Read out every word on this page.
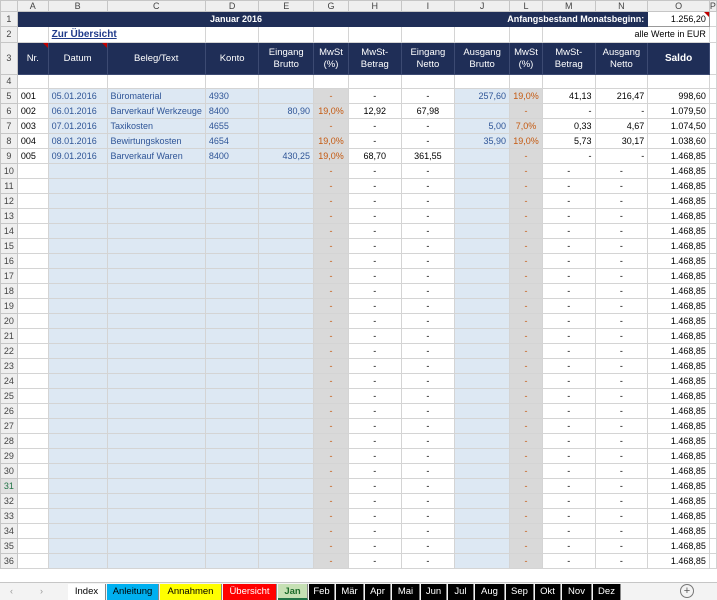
	A	B	C	D	E	G	H	I	J	L	M	N	O	P
1	Januar 2016								Anfangsbestand Monatsbeginn:				1.256,20	
2		Zur Übersicht									alle Werte in EUR			
3	Nr.	Datum	Beleg/Text	Konto	Eingang Brutto	MwSt (%)	MwSt-Betrag	Eingang Netto	Ausgang Brutto	MwSt (%)	MwSt-Betrag	Ausgang Netto	Saldo	
4														
5	001	05.01.2016	Büromaterial	4930		-	-	-	257,60	19,0%	41,13	216,47	998,60	
6	002	06.01.2016	Barverkauf Werkzeuge	8400	80,90	19,0%	12,92	67,98		-	-	-	1.079,50	
7	003	07.01.2016	Taxikosten	4655		-	-	-	5,00	7,0%	0,33	4,67	1.074,50	
8	004	08.01.2016	Bewirtungskosten	4654		19,0%	-	-	35,90	19,0%	5,73	30,17	1.038,60	
9	005	09.01.2016	Barverkauf Waren	8400	430,25	19,0%	68,70	361,55		-	-	-	1.468,85	
10						-	-	-		-	-	-	1.468,85	
11						-	-	-		-	-	-	1.468,85	
12						-	-	-		-	-	-	1.468,85	
13						-	-	-		-	-	-	1.468,85	
14						-	-	-		-	-	-	1.468,85	
15						-	-	-		-	-	-	1.468,85	
16						-	-	-		-	-	-	1.468,85	
17						-	-	-		-	-	-	1.468,85	
18						-	-	-		-	-	-	1.468,85	
19						-	-	-		-	-	-	1.468,85	
20						-	-	-		-	-	-	1.468,85	
21						-	-	-		-	-	-	1.468,85	
22						-	-	-		-	-	-	1.468,85	
23						-	-	-		-	-	-	1.468,85	
24						-	-	-		-	-	-	1.468,85	
25						-	-	-		-	-	-	1.468,85	
26						-	-	-		-	-	-	1.468,85	
27						-	-	-		-	-	-	1.468,85	
28						-	-	-		-	-	-	1.468,85	
29						-	-	-		-	-	-	1.468,85	
30						-	-	-		-	-	-	1.468,85	
31						-	-	-		-	-	-	1.468,85	
32						-	-	-		-	-	-	1.468,85	
33						-	-	-		-	-	-	1.468,85	
34						-	-	-		-	-	-	1.468,85	
35						-	-	-		-	-	-	1.468,85	
36						-	-	-		-	-	-	1.468,85	
‹	›	Index	Anleitung	Annahmen	Übersicht	Jan	Feb	Mär	Apr	Mai	Jun	Jul	Aug	Sep	Okt	Nov	Dez	+
